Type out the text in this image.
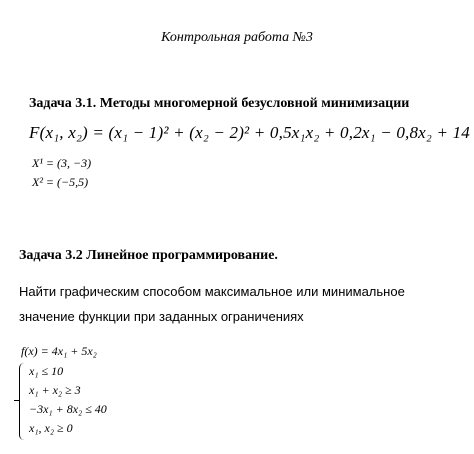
Контрольная работа №3
Задача 3.1. Методы многомерной безусловной минимизации
F(x₁, x₂) = (x₁ − 1)² + (x₂ − 2)² + 0,5x₁x₂ + 0,2x₁ − 0,8x₂ + 14
X¹ = (3, −3)
X² = (−5,5)
Задача 3.2 Линейное программирование.
Найти графическим способом максимальное или минимальное
значение функции при заданных ограничениях
f(x) = 4x₁ + 5x₂
x₁ ≤ 10
x₁ + x₂ ≥ 3
−3x₁ + 8x₂ ≤ 40
x₁, x₂ ≥ 0
